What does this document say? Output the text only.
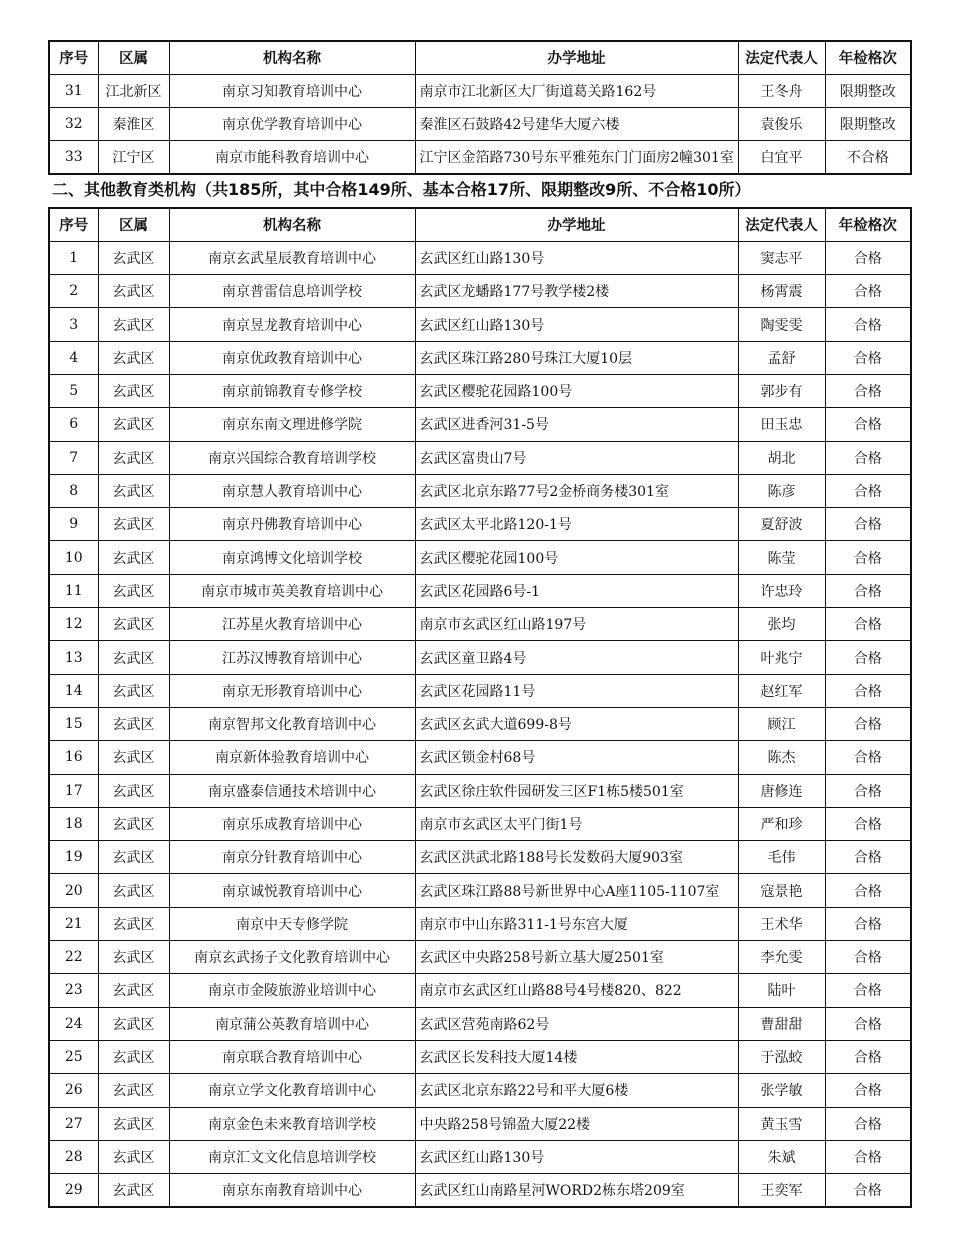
序号	区属	机构名称	办学地址	法定代表人	年检格次
31	江北新区	南京习知教育培训中心	南京市江北新区大厂街道葛关路162号	王冬舟	限期整改
32	秦淮区	南京优学教育培训中心	秦淮区石鼓路42号建华大厦六楼	袁俊乐	限期整改
33	江宁区	南京市能科教育培训中心	江宁区金箔路730号东平雅苑东门门面房2幢301室	白宜平	不合格
二、其他教育类机构（共185所，其中合格149所、基本合格17所、限期整改9所、不合格10所）
序号	区属	机构名称	办学地址	法定代表人	年检格次
1	玄武区	南京玄武星辰教育培训中心	玄武区红山路130号	窦志平	合格
2	玄武区	南京普雷信息培训学校	玄武区龙蟠路177号教学楼2楼	杨霄震	合格
3	玄武区	南京昱龙教育培训中心	玄武区红山路130号	陶雯雯	合格
4	玄武区	南京优政教育培训中心	玄武区珠江路280号珠江大厦10层	孟舒	合格
5	玄武区	南京前锦教育专修学校	玄武区樱驼花园路100号	郭步有	合格
6	玄武区	南京东南文理进修学院	玄武区进香河31-5号	田玉忠	合格
7	玄武区	南京兴国综合教育培训学校	玄武区富贵山7号	胡北	合格
8	玄武区	南京慧人教育培训中心	玄武区北京东路77号2金桥商务楼301室	陈彦	合格
9	玄武区	南京丹佛教育培训中心	玄武区太平北路120-1号	夏舒波	合格
10	玄武区	南京鸿博文化培训学校	玄武区樱驼花园100号	陈莹	合格
11	玄武区	南京市城市英美教育培训中心	玄武区花园路6号-1	许忠玲	合格
12	玄武区	江苏星火教育培训中心	南京市玄武区红山路197号	张均	合格
13	玄武区	江苏汉博教育培训中心	玄武区童卫路4号	叶兆宁	合格
14	玄武区	南京无形教育培训中心	玄武区花园路11号	赵红军	合格
15	玄武区	南京智邦文化教育培训中心	玄武区玄武大道699-8号	顾江	合格
16	玄武区	南京新体验教育培训中心	玄武区锁金村68号	陈杰	合格
17	玄武区	南京盛泰信通技术培训中心	玄武区徐庄软件园研发三区F1栋5楼501室	唐修连	合格
18	玄武区	南京乐成教育培训中心	南京市玄武区太平门街1号	严和珍	合格
19	玄武区	南京分针教育培训中心	玄武区洪武北路188号长发数码大厦903室	毛伟	合格
20	玄武区	南京诚悦教育培训中心	玄武区珠江路88号新世界中心A座1105-1107室	寇景艳	合格
21	玄武区	南京中天专修学院	南京市中山东路311-1号东宫大厦	王术华	合格
22	玄武区	南京玄武扬子文化教育培训中心	玄武区中央路258号新立基大厦2501室	李允雯	合格
23	玄武区	南京市金陵旅游业培训中心	南京市玄武区红山路88号4号楼820、822	陆叶	合格
24	玄武区	南京蒲公英教育培训中心	玄武区营苑南路62号	曹甜甜	合格
25	玄武区	南京联合教育培训中心	玄武区长发科技大厦14楼	于泓蛟	合格
26	玄武区	南京立学文化教育培训中心	玄武区北京东路22号和平大厦6楼	张学敏	合格
27	玄武区	南京金色未来教育培训学校	中央路258号锦盈大厦22楼	黄玉雪	合格
28	玄武区	南京汇文文化信息培训学校	玄武区红山路130号	朱斌	合格
29	玄武区	南京东南教育培训中心	玄武区红山南路星河WORD2栋东塔209室	王奕军	合格
